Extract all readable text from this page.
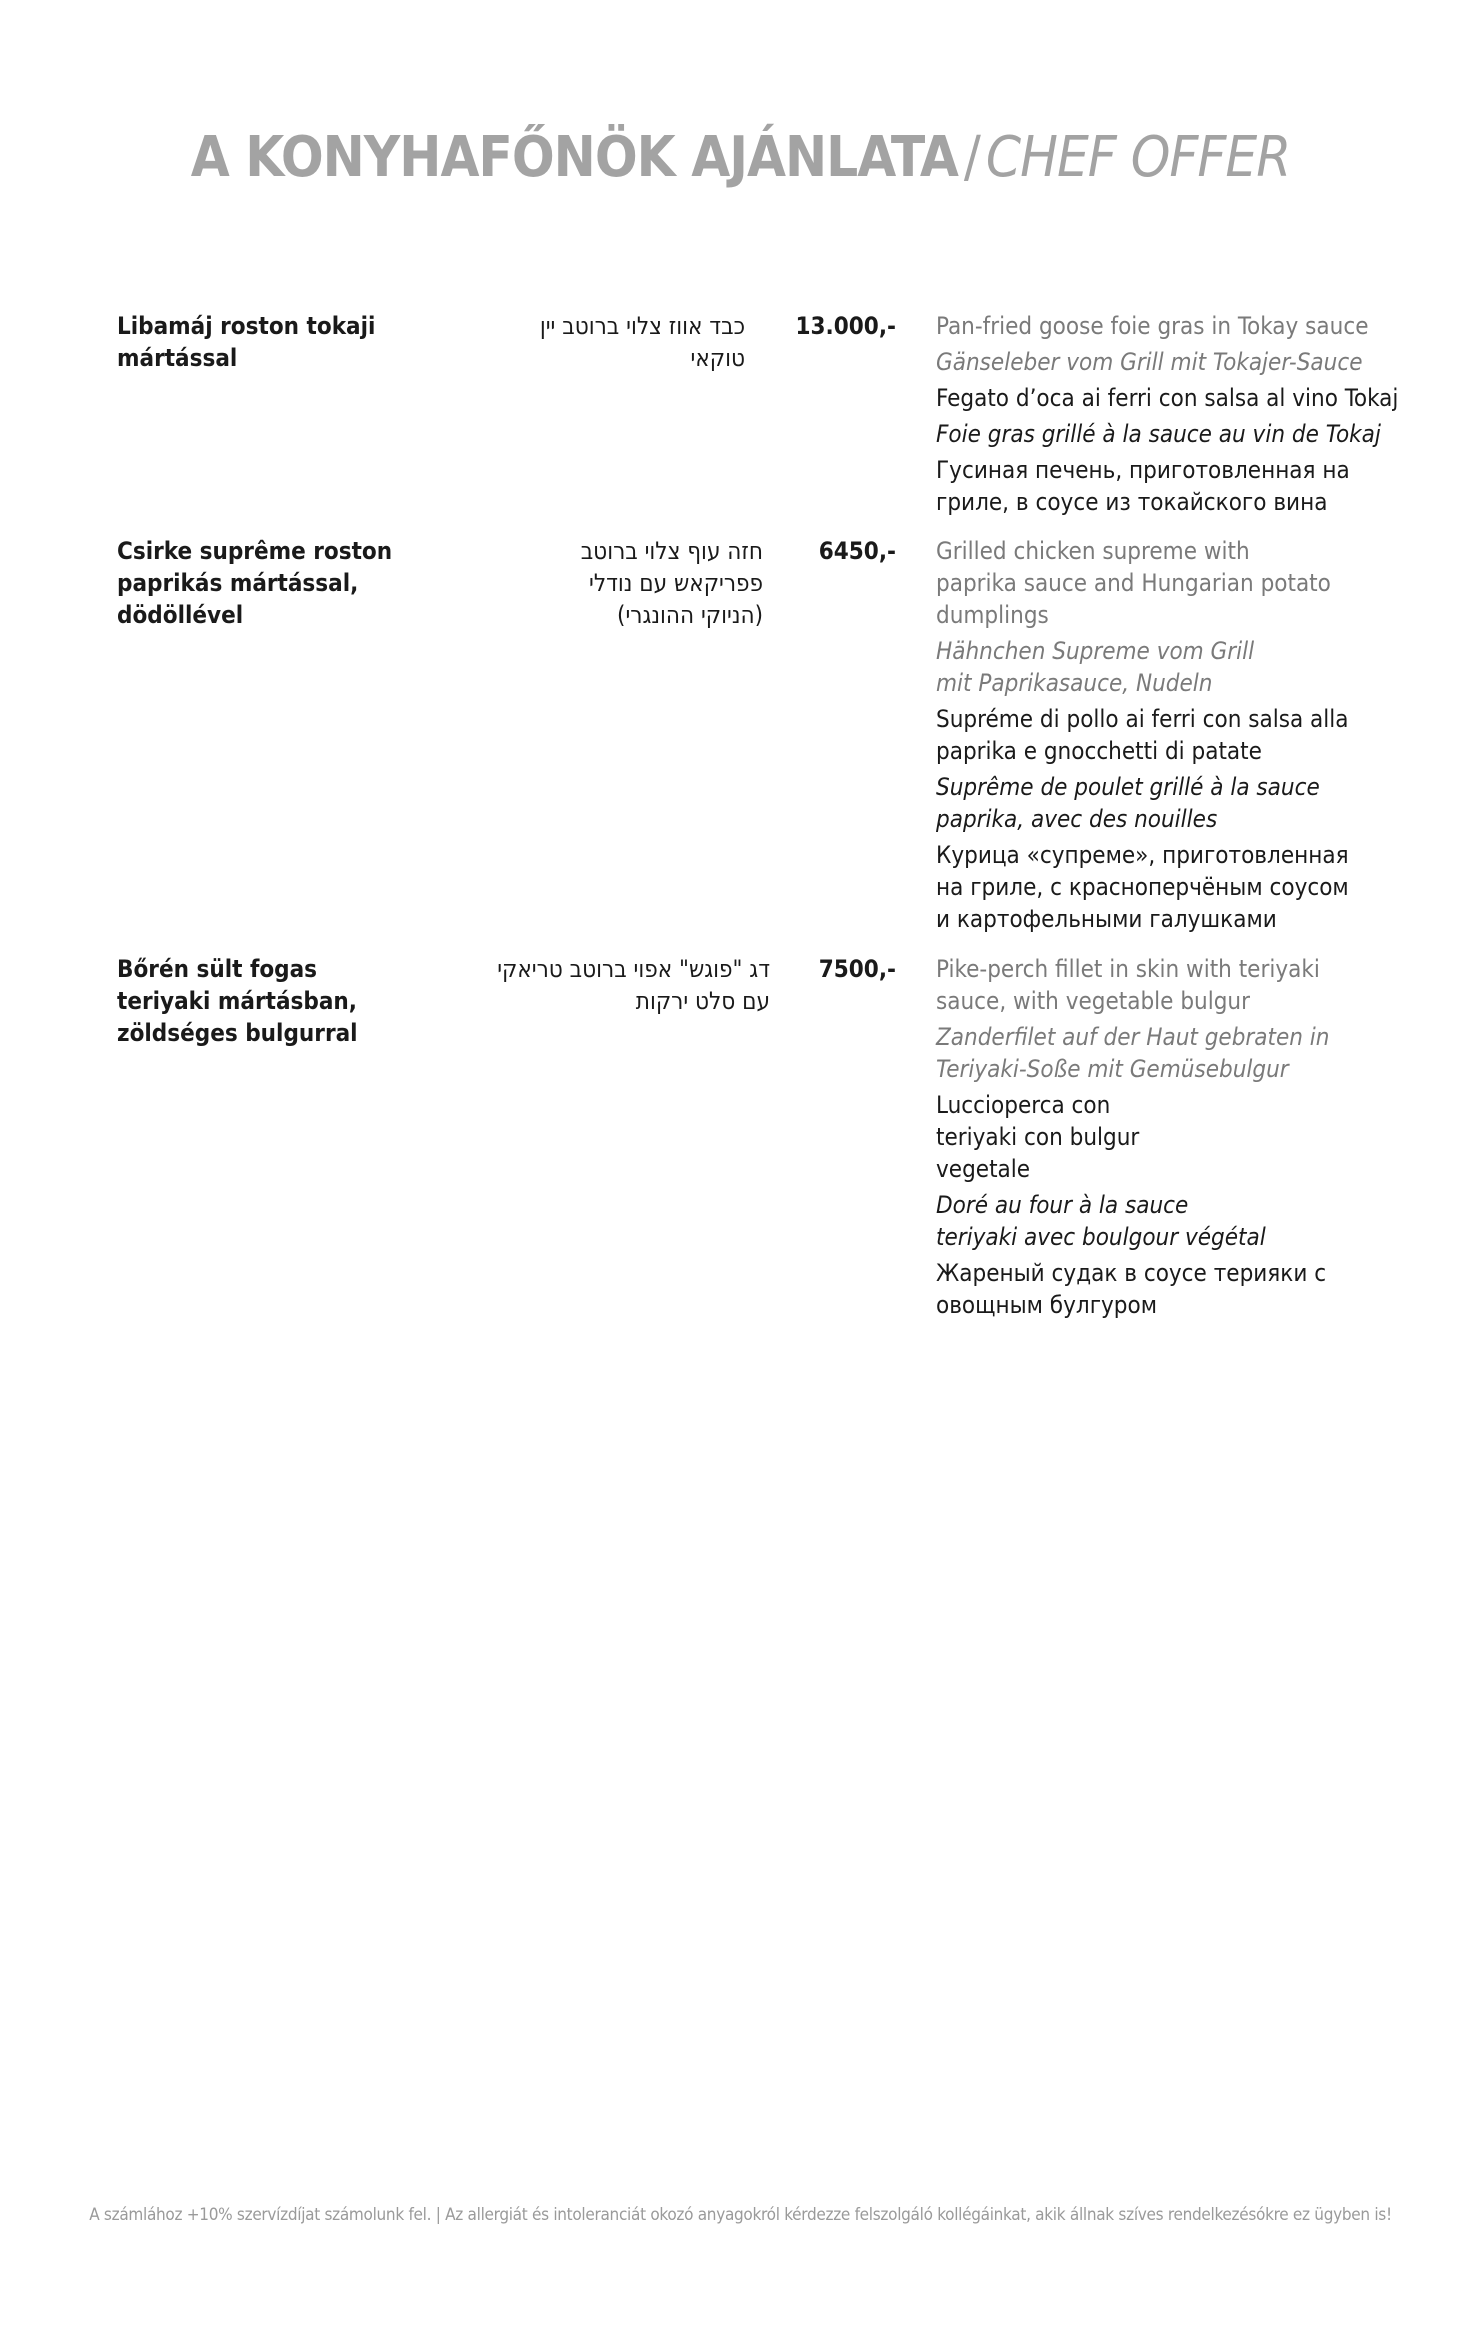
A KONYHAFŐNÖK AJÁNLATA / CHEF OFFER
Libamáj roston tokaji mártással
כבד אווז צלוי ברוטב יין טוקאי
13.000,- Pan-fried goose foie gras in Tokay sauce
Gänseleber vom Grill mit Tokajer-Sauce
Fegato d’oca ai ferri con salsa al vino Tokaj
Foie gras grillé à la sauce au vin de Tokaj
Гусиная печень, приготовленная на гриле, в соусе из токайского вина
Csirke suprême roston paprikás mártással, dödöllével
חזה עוף צלוי ברוטב פפריקאש עם נודלי (הניוקי ההונגרי)
6450,- Grilled chicken supreme with paprika sauce and Hungarian potato dumplings
Hähnchen Supreme vom Grill mit Paprikasauce, Nudeln
Supréme di pollo ai ferri con salsa alla paprika e gnocchetti di patate
Suprême de poulet grillé à la sauce paprika, avec des nouilles
Курица «супреме», приготовленная на гриле, с красноперчёным соусом и картофельными галушками
Bőrén sült fogas teriyaki mártásban, zöldséges bulgurral
דג "פוגש" אפוי ברוטב טריאקי עם סלט ירקות
7500,- Pike-perch fillet in skin with teriyaki sauce, with vegetable bulgur
Zanderfilet auf der Haut gebraten in Teriyaki-Soße mit Gemüsebulgur
Luccioperca con teriyaki con bulgur vegetale
Doré au four à la sauce teriyaki avec boulgour végétal
Жареный судак в соусе терияки с овощным булгуром
A számlához +10% szervízdíjat számolunk fel. | Az allergiát és intoleranciát okozó anyagokról kérdezze felszolgáló kollégáinkat, akik állnak szíves rendelkezésókre ez ügyben is!
